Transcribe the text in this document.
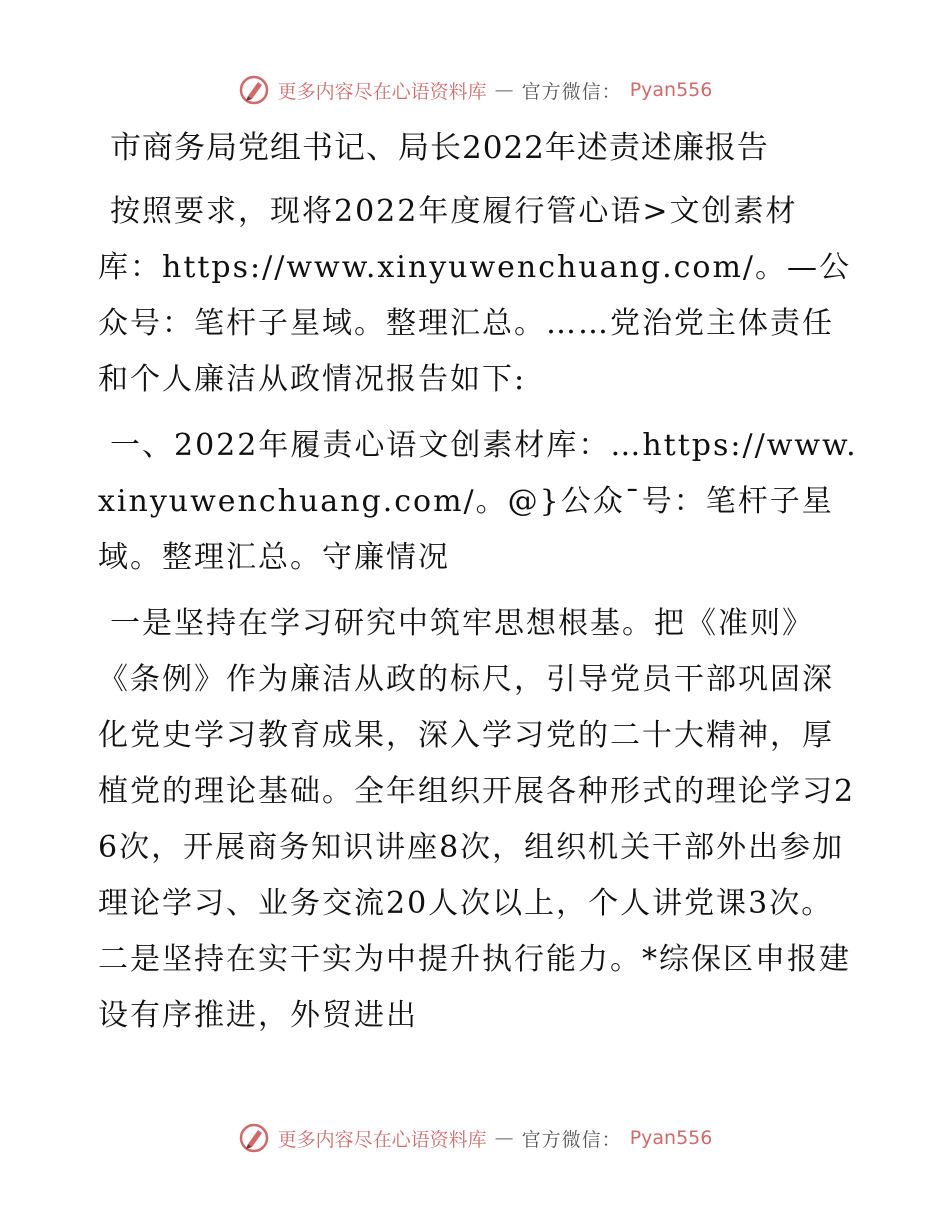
更多内容尽在心语资料库 — 官方微信： Pyan556
市商务局党组书记、局长2022年述责述廉报告

按照要求，现将2022年度履行管心语>文创素材库：https://www.xinyuwenchuang.com/。—公众号：笔杆子星域。整理汇总。……党治党主体责任和个人廉洁从政情况报告如下:

一、2022年履责心语文创素材库：…https://www.xinyuwenchuang.com/。@}公众¯号：笔杆子星域。整理汇总。守廉情况

一是坚持在学习研究中筑牢思想根基。把《准则》《条例》作为廉洁从政的标尺，引导党员干部巩固深化党史学习教育成果，深入学习党的二十大精神，厚植党的理论基础。全年组织开展各种形式的理论学习26次，开展商务知识讲座8次，组织机关干部外出参加理论学习、业务交流20人次以上，个人讲党课3次。二是坚持在实干实为中提升执行能力。*综保区申报建设有序推进，外贸进出

更多内容尽在心语资料库 — 官方微信： Pyan556
